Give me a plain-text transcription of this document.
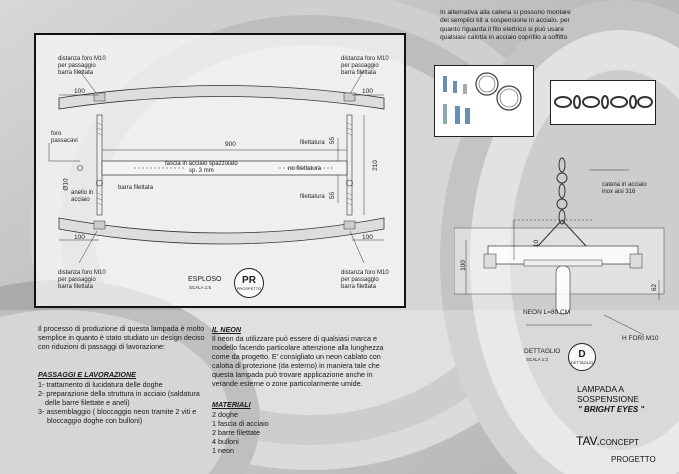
distanza foro M10
per passaggio
barra filettata
distanza foro M10
per passaggio
barra filettata
distanza foro M10
per passaggio
barra filettata
distanza foro M10
per passaggio
barra filettata
100	100
100	100
900
55
55
210
Ø10
foro
passacavi
fascia in acciaio spazzolato
sp. 3 mm	no filettatura
filettatura
filettatura
barra filettata
anello in
acciaio
ESPLOSO
SCALA 1:5
PR
PROSPETTO
In alternativa alla catena si possono montare dei semplici kit a sospensione in acciaio. per quanto riguarda il filo elettrico si può usare qualsiasi calotta in acciaio coprifilo a soffitto
catena in acciaio
inox aisi 316
10
100
62
NEON L=80 CM
H FORI M10
DETTAGLIO
SCALA 1:2	D
DETTAGLIO
Il processo di produzione di questa lampada è molto semplice in quanto è stato studiato un design deciso con riduzioni di passaggi di lavorazione:
PASSAGGI E LAVORAZIONE
1- trattamento di lucidatura delle doghe
2- preparazione della struttura in acciaio (saldatura delle barre filettate e aneli)
3- assemblaggio ( bloccaggio neon tramite 2 viti e bloccaggio doghe con bulloni)
IL NEON
Il neon da utilizzare può essere di qualsiasi marca e modello facendo particolare attenzione alla lunghezza come da progetto. E' consigliato un neon cablato con calotta di protezione (da esterno) in maniera tale che questa lampada può trovare applicazione anche in verande esterne o zone particolarmente umide.
MATERIALI
2 doghe
1 fascia di acciaio
2 barre filettate
4 bulloni
1 neon
LAMPADA A
SOSPENSIONE
" BRIGHT EYES "
TAV.CONCEPT
PROGETTO
